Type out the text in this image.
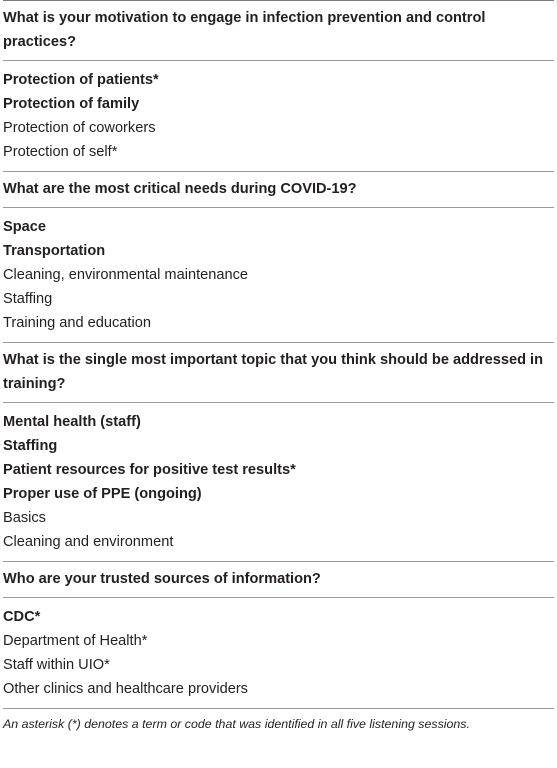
What is your motivation to engage in infection prevention and control practices?
Protection of patients*
Protection of family
Protection of coworkers
Protection of self*
What are the most critical needs during COVID-19?
Space
Transportation
Cleaning, environmental maintenance
Staffing
Training and education
What is the single most important topic that you think should be addressed in training?
Mental health (staff)
Staffing
Patient resources for positive test results*
Proper use of PPE (ongoing)
Basics
Cleaning and environment
Who are your trusted sources of information?
CDC*
Department of Health*
Staff within UIO*
Other clinics and healthcare providers
An asterisk (*) denotes a term or code that was identified in all five listening sessions.
